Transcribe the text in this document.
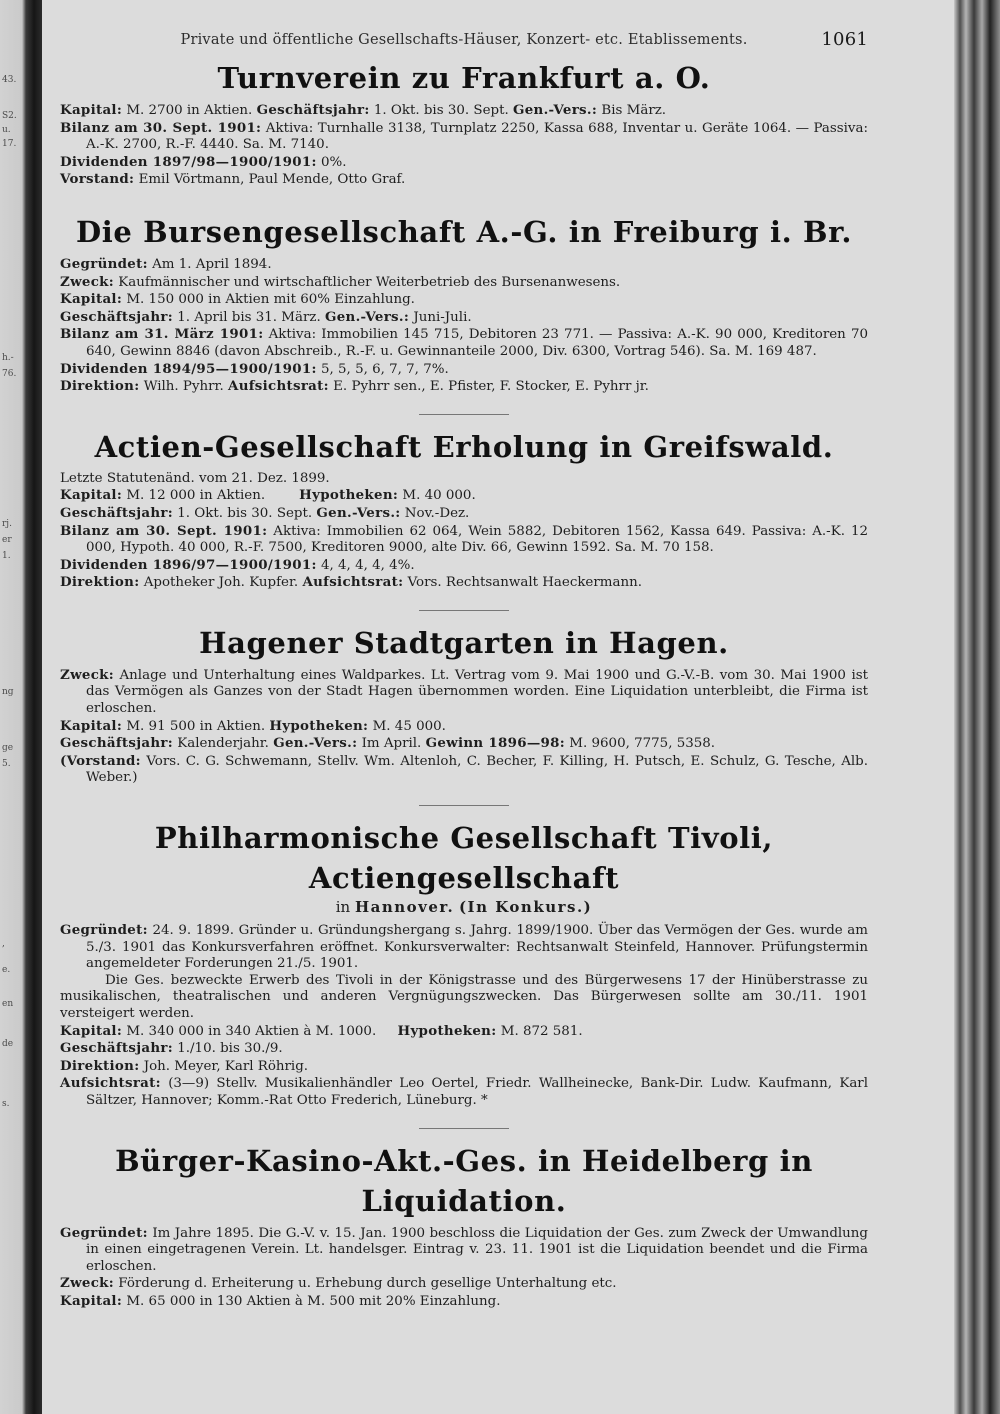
43.
S2.
u.
17.
h.-
76.
rj.
er
1.
ng
ge
5.
,
e.
en
de
s.
Private und öffentliche Gesellschafts-Häuser, Konzert- etc. Etablissements.	1061
Turnverein zu Frankfurt a. O.

Kapital: M. 2700 in Aktien. Geschäftsjahr: 1. Okt. bis 30. Sept. Gen.-Vers.: Bis März.

Bilanz am 30. Sept. 1901: Aktiva: Turnhalle 3138, Turnplatz 2250, Kassa 688, Inventar u. Geräte 1064. — Passiva: A.-K. 2700, R.-F. 4440. Sa. M. 7140.

Dividenden 1897/98—1900/1901: 0%.

Vorstand: Emil Vörtmann, Paul Mende, Otto Graf.

Die Bursengesellschaft A.-G. in Freiburg i. Br.

Gegründet: Am 1. April 1894.

Zweck: Kaufmännischer und wirtschaftlicher Weiterbetrieb des Bursenanwesens.

Kapital: M. 150 000 in Aktien mit 60% Einzahlung.

Geschäftsjahr: 1. April bis 31. März. Gen.-Vers.: Juni-Juli.

Bilanz am 31. März 1901: Aktiva: Immobilien 145 715, Debitoren 23 771. — Passiva: A.-K. 90 000, Kreditoren 70 640, Gewinn 8846 (davon Abschreib., R.-F. u. Gewinnanteile 2000, Div. 6300, Vortrag 546). Sa. M. 169 487.

Dividenden 1894/95—1900/1901: 5, 5, 5, 6, 7, 7, 7%.

Direktion: Wilh. Pyhrr. Aufsichtsrat: E. Pyhrr sen., E. Pfister, F. Stocker, E. Pyhrr jr.

Actien-Gesellschaft Erholung in Greifswald.

Letzte Statutenänd. vom 21. Dez. 1899.

Kapital: M. 12 000 in Aktien.	Hypotheken: M. 40 000.

Geschäftsjahr: 1. Okt. bis 30. Sept. Gen.-Vers.: Nov.-Dez.

Bilanz am 30. Sept. 1901: Aktiva: Immobilien 62 064, Wein 5882, Debitoren 1562, Kassa 649. Passiva: A.-K. 12 000, Hypoth. 40 000, R.-F. 7500, Kreditoren 9000, alte Div. 66, Gewinn 1592. Sa. M. 70 158.

Dividenden 1896/97—1900/1901: 4, 4, 4, 4, 4%.

Direktion: Apotheker Joh. Kupfer. Aufsichtsrat: Vors. Rechtsanwalt Haeckermann.

Hagener Stadtgarten in Hagen.

Zweck: Anlage und Unterhaltung eines Waldparkes. Lt. Vertrag vom 9. Mai 1900 und G.-V.-B. vom 30. Mai 1900 ist das Vermögen als Ganzes von der Stadt Hagen übernommen worden. Eine Liquidation unterbleibt, die Firma ist erloschen.

Kapital: M. 91 500 in Aktien. Hypotheken: M. 45 000.

Geschäftsjahr: Kalenderjahr. Gen.-Vers.: Im April. Gewinn 1896—98: M. 9600, 7775, 5358.

(Vorstand: Vors. C. G. Schwemann, Stellv. Wm. Altenloh, C. Becher, F. Killing, H. Putsch, E. Schulz, G. Tesche, Alb. Weber.)

Philharmonische Gesellschaft Tivoli, Actiengesellschaft
in Hannover. (In Konkurs.)

Gegründet: 24. 9. 1899. Gründer u. Gründungshergang s. Jahrg. 1899/1900. Über das Vermögen der Ges. wurde am 5./3. 1901 das Konkursverfahren eröffnet. Konkursverwalter: Rechtsanwalt Steinfeld, Hannover. Prüfungstermin angemeldeter Forderungen 21./5. 1901.

Die Ges. bezweckte Erwerb des Tivoli in der Königstrasse und des Bürgerwesens 17 der Hinüberstrasse zu musikalischen, theatralischen und anderen Vergnügungszwecken. Das Bürgerwesen sollte am 30./11. 1901 versteigert werden.

Kapital: M. 340 000 in 340 Aktien à M. 1000. Hypotheken: M. 872 581.

Geschäftsjahr: 1./10. bis 30./9.

Direktion: Joh. Meyer, Karl Röhrig.

Aufsichtsrat: (3—9) Stellv. Musikalienhändler Leo Oertel, Friedr. Wallheinecke, Bank-Dir. Ludw. Kaufmann, Karl Sältzer, Hannover; Komm.-Rat Otto Frederich, Lüneburg. *

Bürger-Kasino-Akt.-Ges. in Heidelberg in Liquidation.

Gegründet: Im Jahre 1895. Die G.-V. v. 15. Jan. 1900 beschloss die Liquidation der Ges. zum Zweck der Umwandlung in einen eingetragenen Verein. Lt. handelsger. Eintrag v. 23. 11. 1901 ist die Liquidation beendet und die Firma erloschen.

Zweck: Förderung d. Erheiterung u. Erhebung durch gesellige Unterhaltung etc.

Kapital: M. 65 000 in 130 Aktien à M. 500 mit 20% Einzahlung.
